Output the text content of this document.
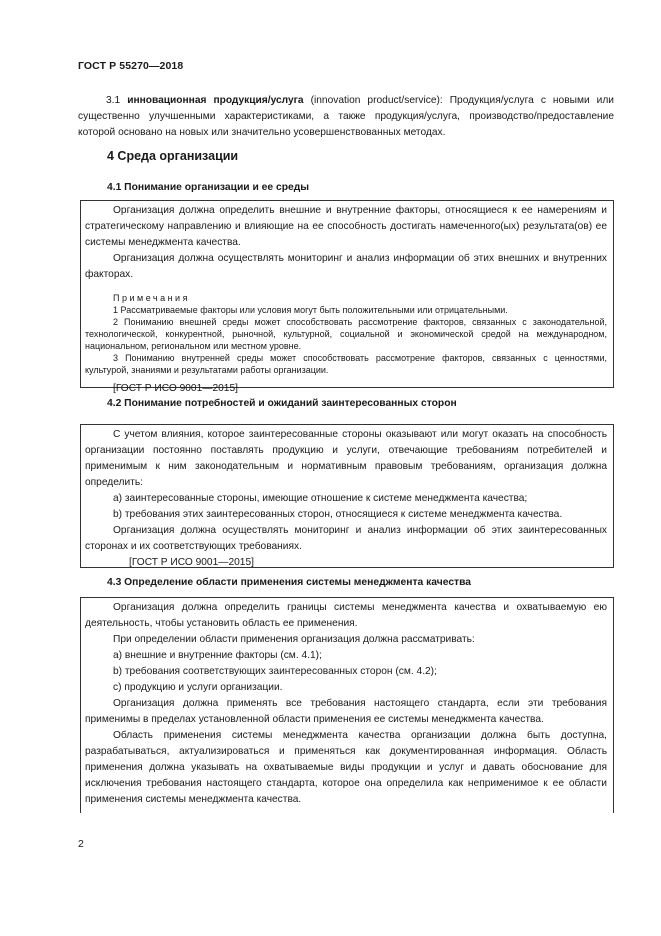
ГОСТ Р 55270—2018

3.1 инновационная продукция/услуга (innovation product/service): Продукция/услуга с новыми или существенно улучшенными характеристиками, а также продукция/услуга, производство/предоставление которой основано на новых или значительно усовершенствованных методах.

4 Среда организации
4.1 Понимание организации и ее среды

Организация должна определить внешние и внутренние факторы, относящиеся к ее намерениям и стратегическому направлению и влияющие на ее способность достигать намеченного(ых) результата(ов) ее системы менеджмента качества.

Организация должна осуществлять мониторинг и анализ информации об этих внешних и внутренних факторах.

Примечания

1 Рассматриваемые факторы или условия могут быть положительными или отрицательными.

2 Пониманию внешней среды может способствовать рассмотрение факторов, связанных с законодательной, технологической, конкурентной, рыночной, культурной, социальной и экономической средой на международном, национальном, региональном или местном уровне.

3 Пониманию внутренней среды может способствовать рассмотрение факторов, связанных с ценностями, культурой, знаниями и результатами работы организации.

[ГОСТ Р ИСО 9001—2015]

4.2 Понимание потребностей и ожиданий заинтересованных сторон

С учетом влияния, которое заинтересованные стороны оказывают или могут оказать на способность организации постоянно поставлять продукцию и услуги, отвечающие требованиям потребителей и применимым к ним законодательным и нормативным правовым требованиям, организация должна определить:

a) заинтересованные стороны, имеющие отношение к системе менеджмента качества;

b) требования этих заинтересованных сторон, относящиеся к системе менеджмента качества.

Организация должна осуществлять мониторинг и анализ информации об этих заинтересованных сторонах и их соответствующих требованиях.

[ГОСТ Р ИСО 9001—2015]

4.3 Определение области применения системы менеджмента качества

Организация должна определить границы системы менеджмента качества и охватываемую ею деятельность, чтобы установить область ее применения.

При определении области применения организация должна рассматривать:

a) внешние и внутренние факторы (см. 4.1);

b) требования соответствующих заинтересованных сторон (см. 4.2);

c) продукцию и услуги организации.

Организация должна применять все требования настоящего стандарта, если эти требования применимы в пределах установленной области применения ее системы менеджмента качества.

Область применения системы менеджмента качества организации должна быть доступна, разрабатываться, актуализироваться и применяться как документированная информация. Область применения должна указывать на охватываемые виды продукции и услуг и давать обоснование для исключения требования настоящего стандарта, которое она определила как неприменимое к ее области применения системы менеджмента качества.

2
